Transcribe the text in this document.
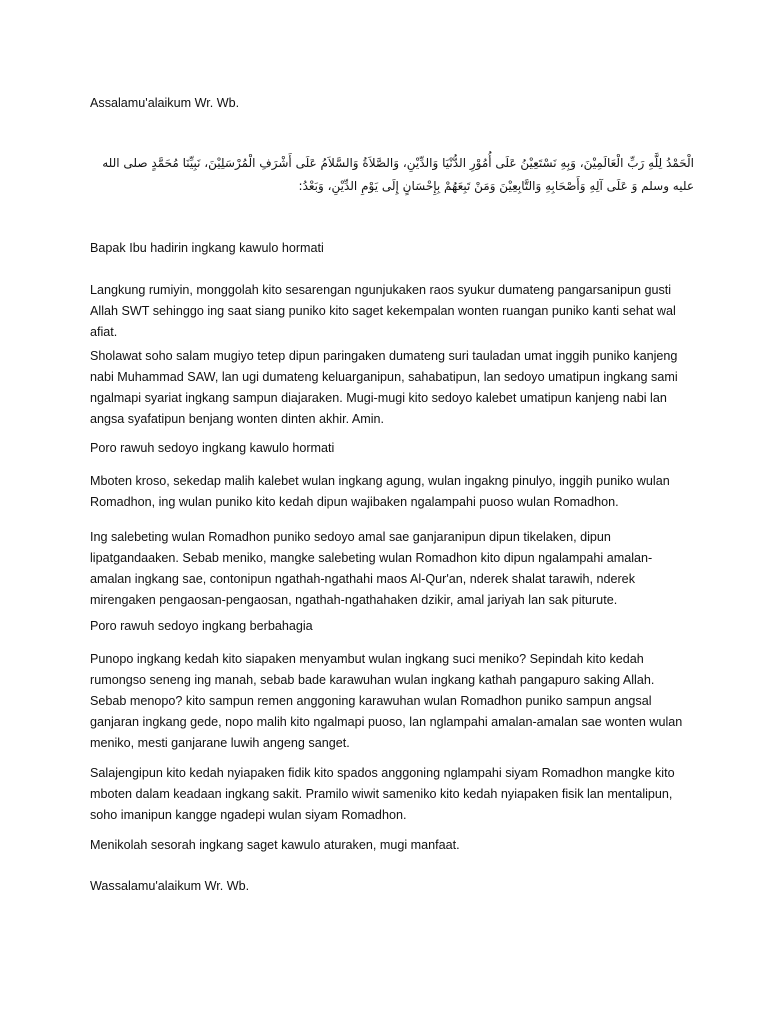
Assalamu'alaikum Wr. Wb.

الْحَمْدُ لِلَّهِ رَبِّ الْعَالَمِيْنَ، وَبِهِ نَسْتَعِيْنُ عَلَى أُمُوْرِ الدُّنْيَا وَالدِّيْنِ، وَالصَّلاَةُ وَالسَّلاَمُ عَلَى أَشْرَفِ الْمُرْسَلِيْنَ، نَبِيِّنَا مُحَمَّدٍ صلى الله عليه وسلم وَ عَلَى آلِهِ وَأَصْحَابِهِ وَالتَّابِعِيْنَ وَمَنْ تَبِعَهُمْ بِإِحْسَانٍ إِلَى يَوْمِ الدِّيْنِ، وَبَعْدُ:

Bapak Ibu hadirin ingkang kawulo hormati

Langkung rumiyin, monggolah kito sesarengan ngunjukaken raos syukur dumateng pangarsanipun gusti Allah SWT sehinggo ing saat siang puniko kito saget kekempalan wonten ruangan puniko kanti sehat wal afiat.

Sholawat soho salam mugiyo tetep dipun paringaken dumateng suri tauladan umat inggih puniko kanjeng nabi Muhammad SAW, lan ugi dumateng keluarganipun, sahabatipun, lan sedoyo umatipun ingkang sami ngalmapi syariat ingkang sampun diajaraken. Mugi-mugi kito sedoyo kalebet umatipun kanjeng nabi lan angsa syafatipun benjang wonten dinten akhir. Amin.

Poro rawuh sedoyo ingkang kawulo hormati

Mboten kroso, sekedap malih kalebet wulan ingkang agung, wulan ingakng pinulyo, inggih puniko wulan Romadhon, ing wulan puniko kito kedah dipun wajibaken ngalampahi puoso wulan Romadhon.

Ing salebeting wulan Romadhon puniko sedoyo amal sae ganjaranipun dipun tikelaken, dipun lipatgandaaken. Sebab meniko, mangke salebeting wulan Romadhon kito dipun ngalampahi amalan-amalan ingkang sae, contonipun ngathah-ngathahi maos Al-Qur'an, nderek shalat tarawih, nderek mirengaken pengaosan-pengaosan, ngathah-ngathahaken dzikir, amal jariyah lan sak piturute.

Poro rawuh sedoyo ingkang berbahagia

Punopo ingkang kedah kito siapaken menyambut wulan ingkang suci meniko? Sepindah kito kedah rumongso seneng ing manah, sebab bade karawuhan wulan ingkang kathah pangapuro saking Allah. Sebab menopo? kito sampun remen anggoning karawuhan wulan Romadhon puniko sampun angsal ganjaran ingkang gede, nopo malih kito ngalmapi puoso, lan nglampahi amalan-amalan sae wonten wulan meniko, mesti ganjarane luwih angeng sanget.

Salajengipun kito kedah nyiapaken fidik kito spados anggoning nglampahi siyam Romadhon mangke kito mboten dalam keadaan ingkang sakit. Pramilo wiwit sameniko kito kedah nyiapaken fisik lan mentalipun, soho imanipun kangge ngadepi wulan siyam Romadhon.

Menikolah sesorah ingkang saget kawulo aturaken, mugi manfaat.

Wassalamu'alaikum Wr. Wb.
